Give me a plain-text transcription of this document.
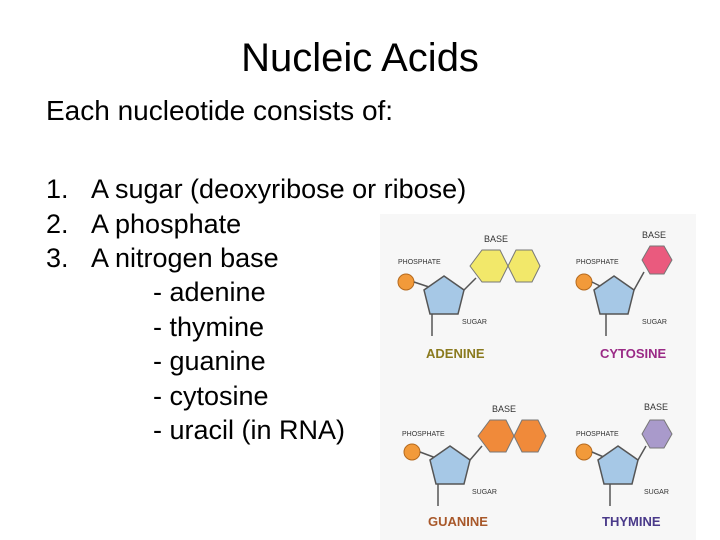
Nucleic Acids
Each nucleotide consists of:
1. A sugar (deoxyribose or ribose)
2. A phosphate
3. A nitrogen base
- adenine
- thymine
- guanine
- cytosine
- uracil (in RNA)
BASE
PHOSPHATE
SUGAR
ADENINE
BASE
PHOSPHATE
SUGAR
CYTOSINE
BASE
PHOSPHATE
SUGAR
GUANINE
BASE
PHOSPHATE
SUGAR
THYMINE
